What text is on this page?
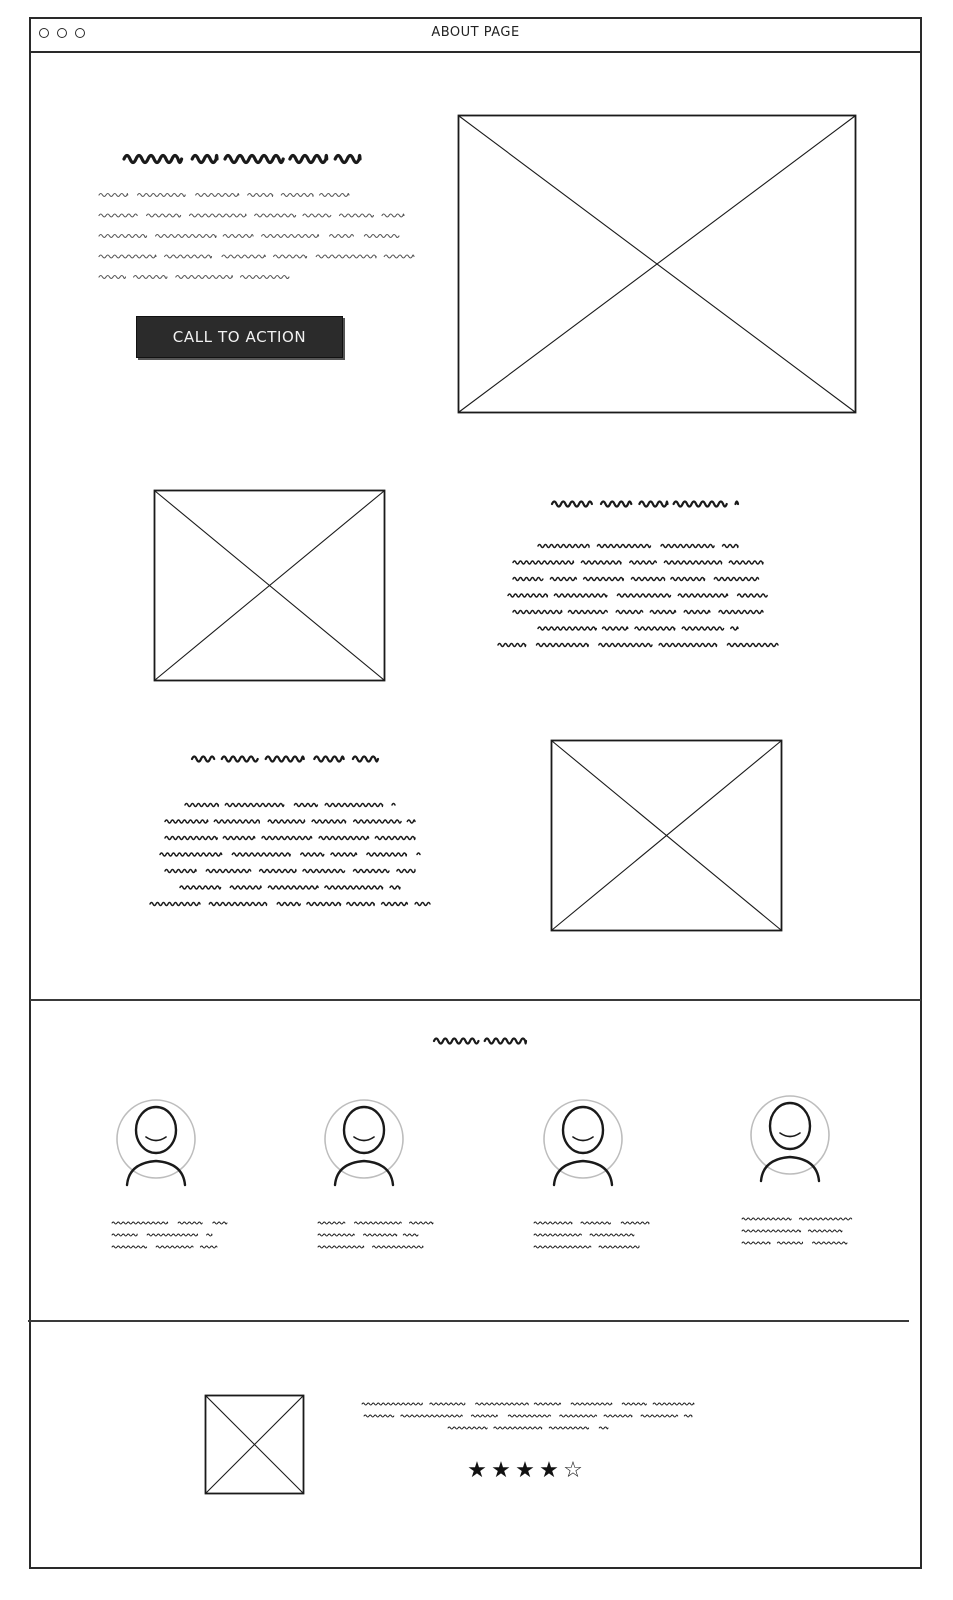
ABOUT PAGE
CALL TO ACTION
★ ★ ★ ★ ☆
